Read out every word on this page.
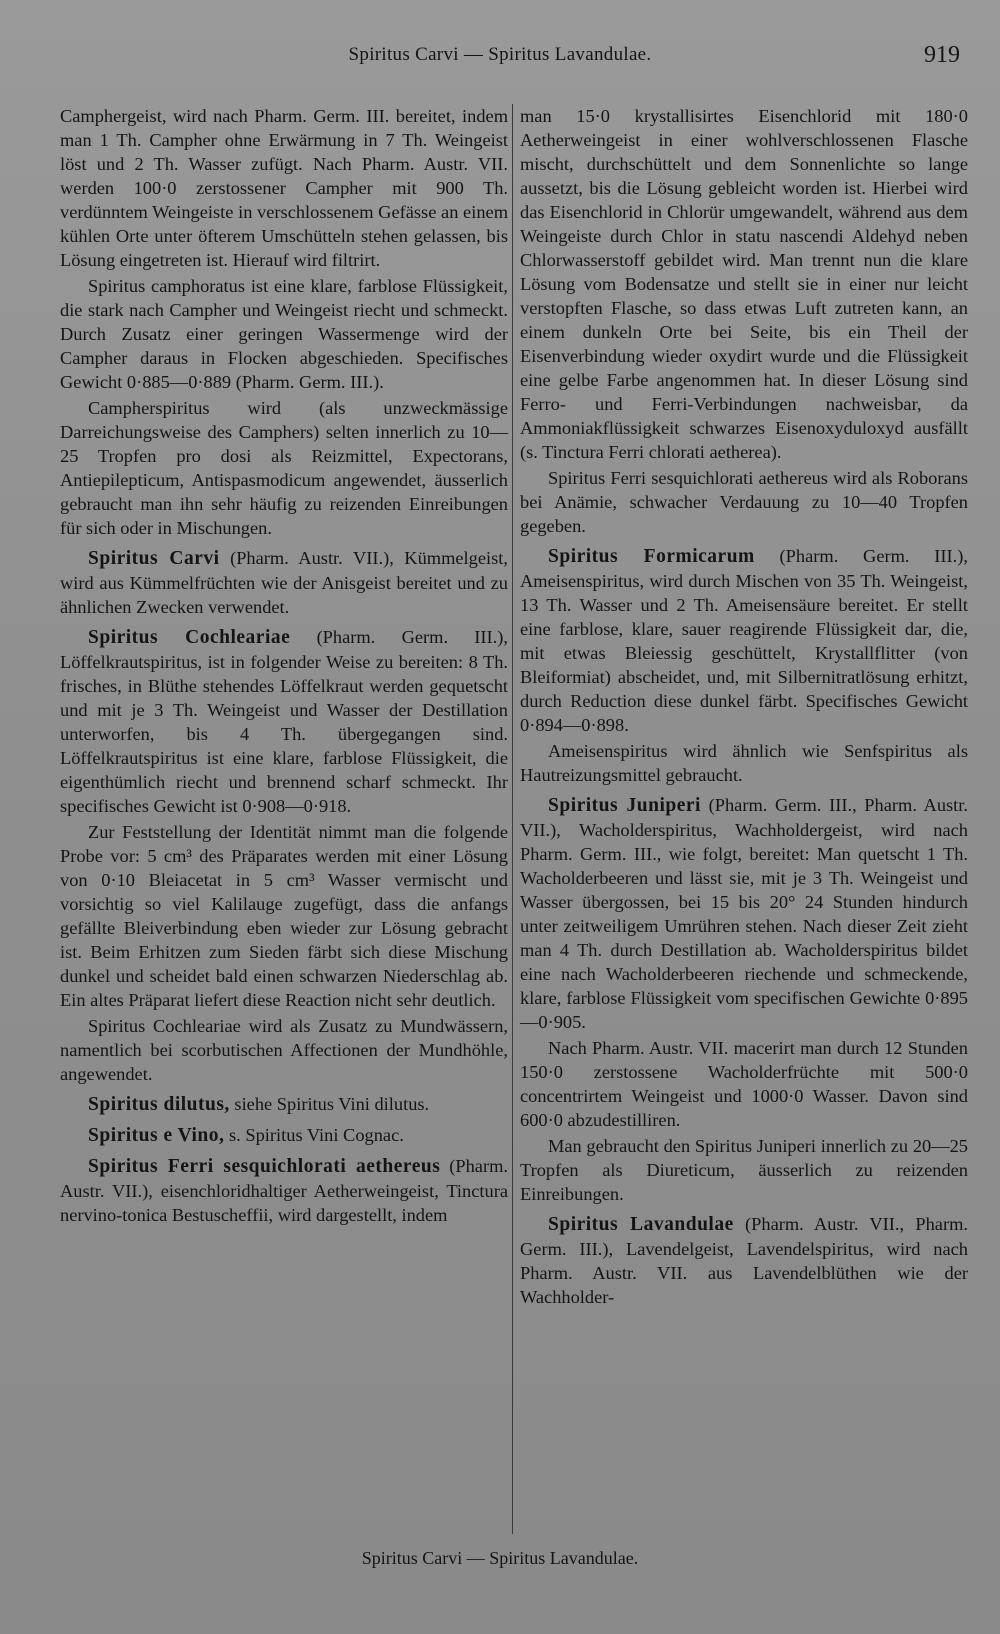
Spiritus Carvi — Spiritus Lavandulae.	919

Camphergeist, wird nach Pharm. Germ. III. bereitet, indem man 1 Th. Campher ohne Erwärmung in 7 Th. Weingeist löst und 2 Th. Wasser zufügt. Nach Pharm. Austr. VII. werden 100·0 zerstossener Campher mit 900 Th. verdünntem Weingeiste in verschlossenem Gefässe an einem kühlen Orte unter öfterem Umschütteln stehen gelassen, bis Lösung eingetreten ist. Hierauf wird filtrirt.

Spiritus camphoratus ist eine klare, farblose Flüssigkeit, die stark nach Campher und Weingeist riecht und schmeckt. Durch Zusatz einer geringen Wassermenge wird der Campher daraus in Flocken abgeschieden. Specifisches Gewicht 0·885—0·889 (Pharm. Germ. III.).

Campherspiritus wird (als unzweckmässige Darreichungsweise des Camphers) selten innerlich zu 10—25 Tropfen pro dosi als Reizmittel, Expectorans, Antiepilepticum, Antispasmodicum angewendet, äusserlich gebraucht man ihn sehr häufig zu reizenden Einreibungen für sich oder in Mischungen.

Spiritus Carvi (Pharm. Austr. VII.), Kümmelgeist, wird aus Kümmelfrüchten wie der Anisgeist bereitet und zu ähnlichen Zwecken verwendet.

Spiritus Cochleariae (Pharm. Germ. III.), Löffelkrautspiritus, ist in folgender Weise zu bereiten: 8 Th. frisches, in Blüthe stehendes Löffelkraut werden gequetscht und mit je 3 Th. Weingeist und Wasser der Destillation unterworfen, bis 4 Th. übergegangen sind. Löffelkrautspiritus ist eine klare, farblose Flüssigkeit, die eigenthümlich riecht und brennend scharf schmeckt. Ihr specifisches Gewicht ist 0·908—0·918.

Zur Feststellung der Identität nimmt man die folgende Probe vor: 5 cm³ des Präparates werden mit einer Lösung von 0·10 Bleiacetat in 5 cm³ Wasser vermischt und vorsichtig so viel Kalilauge zugefügt, dass die anfangs gefällte Bleiverbindung eben wieder zur Lösung gebracht ist. Beim Erhitzen zum Sieden färbt sich diese Mischung dunkel und scheidet bald einen schwarzen Niederschlag ab. Ein altes Präparat liefert diese Reaction nicht sehr deutlich.

Spiritus Cochleariae wird als Zusatz zu Mundwässern, namentlich bei scorbutischen Affectionen der Mundhöhle, angewendet.

Spiritus dilutus, siehe Spiritus Vini dilutus.

Spiritus e Vino, s. Spiritus Vini Cognac.

Spiritus Ferri sesquichlorati aethereus (Pharm. Austr. VII.), eisenchloridhaltiger Aetherweingeist, Tinctura nervino-tonica Bestuscheffii, wird dargestellt, indem

man 15·0 krystallisirtes Eisenchlorid mit 180·0 Aetherweingeist in einer wohlverschlossenen Flasche mischt, durchschüttelt und dem Sonnenlichte so lange aussetzt, bis die Lösung gebleicht worden ist. Hierbei wird das Eisenchlorid in Chlorür umgewandelt, während aus dem Weingeiste durch Chlor in statu nascendi Aldehyd neben Chlorwasserstoff gebildet wird. Man trennt nun die klare Lösung vom Bodensatze und stellt sie in einer nur leicht verstopften Flasche, so dass etwas Luft zutreten kann, an einem dunkeln Orte bei Seite, bis ein Theil der Eisenverbindung wieder oxydirt wurde und die Flüssigkeit eine gelbe Farbe angenommen hat. In dieser Lösung sind Ferro- und Ferri-Verbindungen nachweisbar, da Ammoniakflüssigkeit schwarzes Eisenoxyduloxyd ausfällt (s. Tinctura Ferri chlorati aetherea).

Spiritus Ferri sesquichlorati aethereus wird als Roborans bei Anämie, schwacher Verdauung zu 10—40 Tropfen gegeben.

Spiritus Formicarum (Pharm. Germ. III.), Ameisenspiritus, wird durch Mischen von 35 Th. Weingeist, 13 Th. Wasser und 2 Th. Ameisensäure bereitet. Er stellt eine farblose, klare, sauer reagirende Flüssigkeit dar, die, mit etwas Bleiessig geschüttelt, Krystallflitter (von Bleiformiat) abscheidet, und, mit Silbernitratlösung erhitzt, durch Reduction diese dunkel färbt. Specifisches Gewicht 0·894—0·898.

Ameisenspiritus wird ähnlich wie Senfspiritus als Hautreizungsmittel gebraucht.

Spiritus Juniperi (Pharm. Germ. III., Pharm. Austr. VII.), Wacholderspiritus, Wachholdergeist, wird nach Pharm. Germ. III., wie folgt, bereitet: Man quetscht 1 Th. Wacholderbeeren und lässt sie, mit je 3 Th. Weingeist und Wasser übergossen, bei 15 bis 20° 24 Stunden hindurch unter zeitweiligem Umrühren stehen. Nach dieser Zeit zieht man 4 Th. durch Destillation ab. Wacholderspiritus bildet eine nach Wacholderbeeren riechende und schmeckende, klare, farblose Flüssigkeit vom specifischen Gewichte 0·895—0·905.

Nach Pharm. Austr. VII. macerirt man durch 12 Stunden 150·0 zerstossene Wacholderfrüchte mit 500·0 concentrirtem Weingeist und 1000·0 Wasser. Davon sind 600·0 abzudestilliren.

Man gebraucht den Spiritus Juniperi innerlich zu 20—25 Tropfen als Diureticum, äusserlich zu reizenden Einreibungen.

Spiritus Lavandulae (Pharm. Austr. VII., Pharm. Germ. III.), Lavendelgeist, Lavendelspiritus, wird nach Pharm. Austr. VII. aus Lavendelblüthen wie der Wachholder-

Spiritus Carvi — Spiritus Lavandulae.
